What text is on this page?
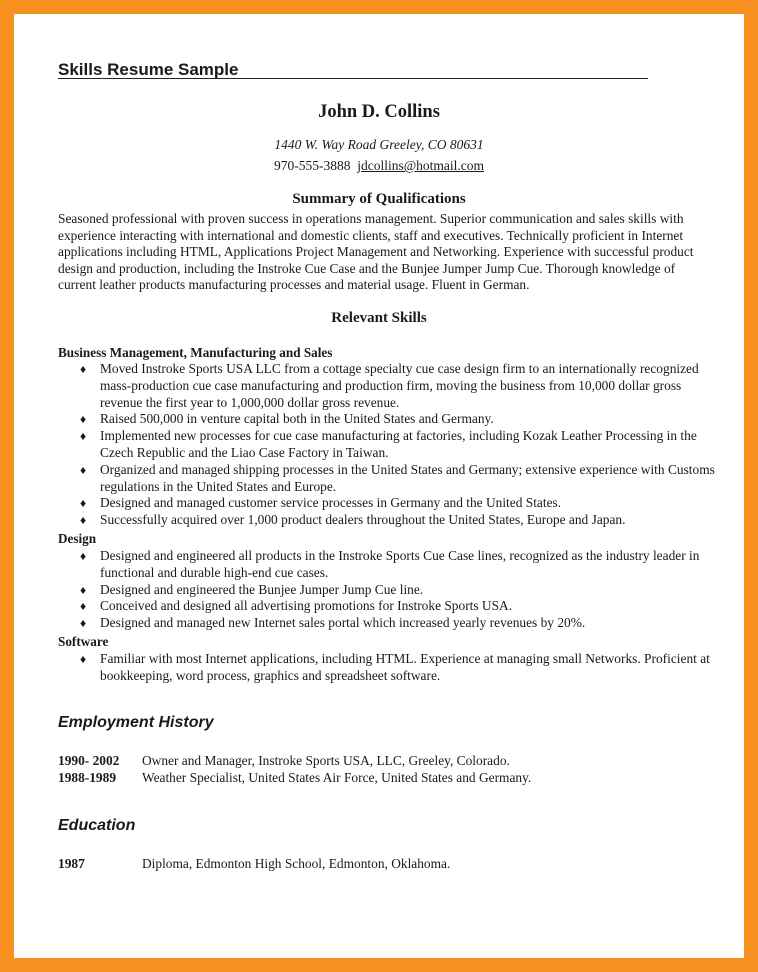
Skills Resume Sample
John D. Collins
1440 W. Way Road Greeley, CO 80631
970-555-3888 jdcollins@hotmail.com
Summary of Qualifications

Seasoned professional with proven success in operations management. Superior communication and sales skills with experience interacting with international and domestic clients, staff and executives. Technically proficient in Internet applications including HTML, Applications Project Management and Networking. Experience with successful product design and production, including the Instroke Cue Case and the Bunjee Jumper Jump Cue. Thorough knowledge of current leather products manufacturing processes and material usage. Fluent in German.

Relevant Skills
Business Management, Manufacturing and Sales
♦ Moved Instroke Sports USA LLC from a cottage specialty cue case design firm to an internationally recognized mass-production cue case manufacturing and production firm, moving the business from 10,000 dollar gross revenue the first year to 1,000,000 dollar gross revenue.
♦ Raised 500,000 in venture capital both in the United States and Germany.
♦ Implemented new processes for cue case manufacturing at factories, including Kozak Leather Processing in the Czech Republic and the Liao Case Factory in Taiwan.
♦ Organized and managed shipping processes in the United States and Germany; extensive experience with Customs regulations in the United States and Europe.
♦ Designed and managed customer service processes in Germany and the United States.
♦ Successfully acquired over 1,000 product dealers throughout the United States, Europe and Japan.
Design
♦ Designed and engineered all products in the Instroke Sports Cue Case lines, recognized as the industry leader in functional and durable high-end cue cases.
♦ Designed and engineered the Bunjee Jumper Jump Cue line.
♦ Conceived and designed all advertising promotions for Instroke Sports USA.
♦ Designed and managed new Internet sales portal which increased yearly revenues by 20%.
Software
♦ Familiar with most Internet applications, including HTML. Experience at managing small Networks. Proficient at bookkeeping, word process, graphics and spreadsheet software.
Employment History
1990- 2002 Owner and Manager, Instroke Sports USA, LLC, Greeley, Colorado.
1988-1989 Weather Specialist, United States Air Force, United States and Germany.
Education
1987	Diploma, Edmonton High School, Edmonton, Oklahoma.
